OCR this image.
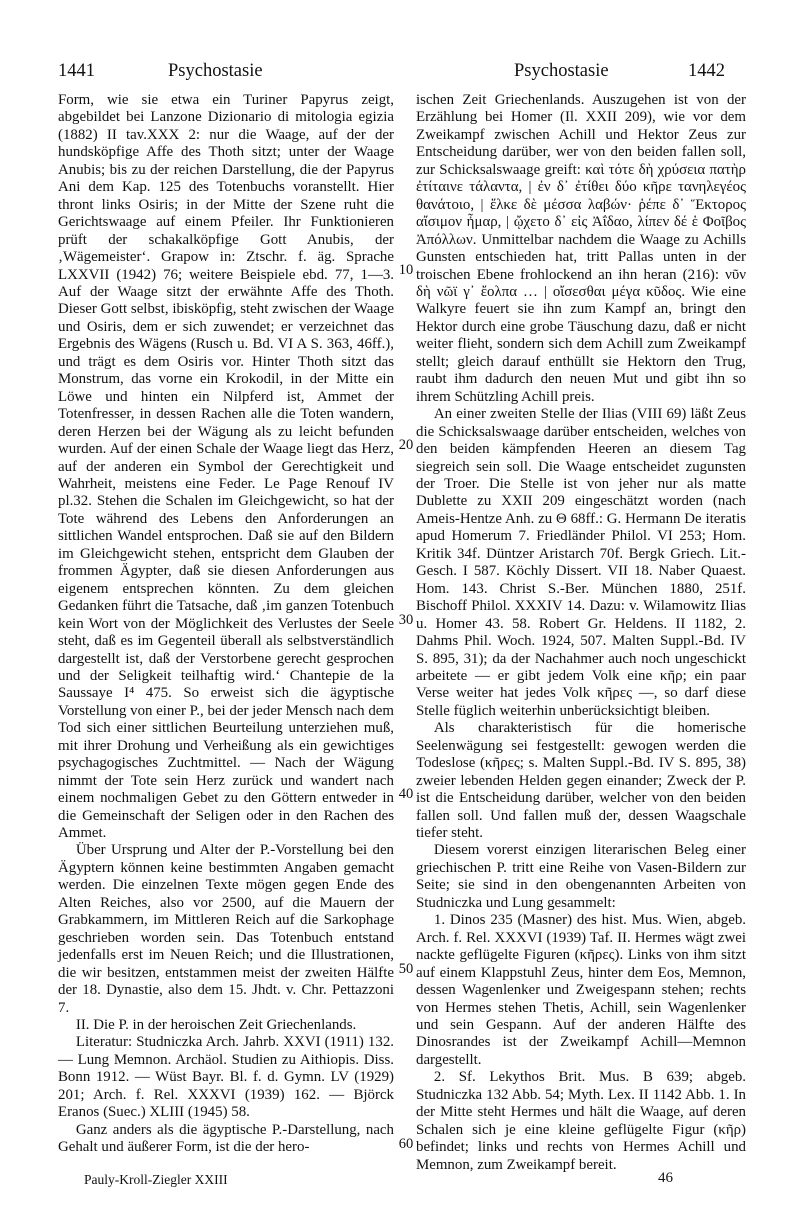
1441	Psychostasie	Psychostasie	1442

Form, wie sie etwa ein Turiner Papyrus zeigt, abgebildet bei Lanzone Dizionario di mitologia egizia (1882) II tav.XXX 2: nur die Waage, auf der der hundsköpfige Affe des Thoth sitzt; unter der Waage Anubis; bis zu der reichen Darstellung, die der Papyrus Ani dem Kap. 125 des Totenbuchs voranstellt. Hier thront links Osiris; in der Mitte der Szene ruht die Gerichtswaage auf einem Pfeiler. Ihr Funktionieren prüft der schakalköpfige Gott Anubis, der ‚Wägemeister‘. Grapow in: Ztschr. f. äg. Sprache LXXVII (1942) 76; weitere Beispiele ebd. 77, 1—3. Auf der Waage sitzt der erwähnte Affe des Thoth. Dieser Gott selbst, ibisköpfig, steht zwischen der Waage und Osiris, dem er sich zuwendet; er verzeichnet das Ergebnis des Wägens (Rusch u. Bd. VI A S. 363, 46ff.), und trägt es dem Osiris vor. Hinter Thoth sitzt das Monstrum, das vorne ein Krokodil, in der Mitte ein Löwe und hinten ein Nilpferd ist, Ammet der Totenfresser, in dessen Rachen alle die Toten wandern, deren Herzen bei der Wägung als zu leicht befunden wurden. Auf der einen Schale der Waage liegt das Herz, auf der anderen ein Symbol der Gerechtigkeit und Wahrheit, meistens eine Feder. Le Page Renouf IV pl.32. Stehen die Schalen im Gleichgewicht, so hat der Tote während des Lebens den Anforderungen an sittlichen Wandel entsprochen. Daß sie auf den Bildern im Gleichgewicht stehen, entspricht dem Glauben der frommen Ägypter, daß sie diesen Anforderungen aus eigenem entsprechen könnten. Zu dem gleichen Gedanken führt die Tatsache, daß ‚im ganzen Totenbuch kein Wort von der Möglichkeit des Verlustes der Seele steht, daß es im Gegenteil überall als selbstverständlich dargestellt ist, daß der Verstorbene gerecht gesprochen und der Seligkeit teilhaftig wird.‘ Chantepie de la Saussaye I⁴ 475. So erweist sich die ägyptische Vorstellung von einer P., bei der jeder Mensch nach dem Tod sich einer sittlichen Beurteilung unterziehen muß, mit ihrer Drohung und Verheißung als ein gewichtiges psychagogisches Zuchtmittel. — Nach der Wägung nimmt der Tote sein Herz zurück und wandert nach einem nochmaligen Gebet zu den Göttern entweder in die Gemeinschaft der Seligen oder in den Rachen des Ammet.

Über Ursprung und Alter der P.-Vorstellung bei den Ägyptern können keine bestimmten Angaben gemacht werden. Die einzelnen Texte mögen gegen Ende des Alten Reiches, also vor 2500, auf die Mauern der Grabkammern, im Mittleren Reich auf die Sarkophage geschrieben worden sein. Das Totenbuch entstand jedenfalls erst im Neuen Reich; und die Illustrationen, die wir besitzen, entstammen meist der zweiten Hälfte der 18. Dynastie, also dem 15. Jhdt. v. Chr. Pettazzoni 7.

II. Die P. in der heroischen Zeit Griechenlands.

Literatur: Studniczka Arch. Jahrb. XXVI (1911) 132. — Lung Memnon. Archäol. Studien zu Aithiopis. Diss. Bonn 1912. — Wüst Bayr. Bl. f. d. Gymn. LV (1929) 201; Arch. f. Rel. XXXVI (1939) 162. — Björck Eranos (Suec.) XLIII (1945) 58.

Ganz anders als die ägyptische P.-Darstellung, nach Gehalt und äußerer Form, ist die der hero-

ischen Zeit Griechenlands. Auszugehen ist von der Erzählung bei Homer (Il. XXII 209), wie vor dem Zweikampf zwischen Achill und Hektor Zeus zur Entscheidung darüber, wer von den beiden fallen soll, zur Schicksalswaage greift: καὶ τότε δὴ χρύσεια πατὴρ ἐτίταινε τάλαντα, | ἐν δ᾽ ἐτίθει δύο κῆρε τανηλεγέος θανάτοιο, | ἕλκε δὲ μέσσα λαβών· ῥέπε δ᾽ Ἕκτορος αἴσιμον ἦμαρ, | ᾤχετο δ᾽ εἰς Ἀΐδαο, λίπεν δέ ἑ Φοῖβος Ἀπόλλων. Unmittelbar nachdem die Waage zu Achills Gunsten entschieden hat, tritt Pallas unten in der troischen Ebene frohlockend an ihn heran (216): νῦν δὴ νῶϊ γ᾽ ἔολπα … | οἴσεσθαι μέγα κῦδος. Wie eine Walkyre feuert sie ihn zum Kampf an, bringt den Hektor durch eine grobe Täuschung dazu, daß er nicht weiter flieht, sondern sich dem Achill zum Zweikampf stellt; gleich darauf enthüllt sie Hektorn den Trug, raubt ihm dadurch den neuen Mut und gibt ihn so ihrem Schützling Achill preis.

An einer zweiten Stelle der Ilias (VIII 69) läßt Zeus die Schicksalswaage darüber entscheiden, welches von den beiden kämpfenden Heeren an diesem Tag siegreich sein soll. Die Waage entscheidet zugunsten der Troer. Die Stelle ist von jeher nur als matte Dublette zu XXII 209 eingeschätzt worden (nach Ameis-Hentze Anh. zu Θ 68ff.: G. Hermann De iteratis apud Homerum 7. Friedländer Philol. VI 253; Hom. Kritik 34f. Düntzer Aristarch 70f. Bergk Griech. Lit.-Gesch. I 587. Köchly Dissert. VII 18. Naber Quaest. Hom. 143. Christ S.-Ber. München 1880, 251f. Bischoff Philol. XXXIV 14. Dazu: v. Wilamowitz Ilias u. Homer 43. 58. Robert Gr. Heldens. II 1182, 2. Dahms Phil. Woch. 1924, 507. Malten Suppl.-Bd. IV S. 895, 31); da der Nachahmer auch noch ungeschickt arbeitete — er gibt jedem Volk eine κῆρ; ein paar Verse weiter hat jedes Volk κῆρες —, so darf diese Stelle füglich weiterhin unberücksichtigt bleiben.

Als charakteristisch für die homerische Seelenwägung sei festgestellt: gewogen werden die Todeslose (κῆρες; s. Malten Suppl.-Bd. IV S. 895, 38) zweier lebenden Helden gegen einander; Zweck der P. ist die Entscheidung darüber, welcher von den beiden fallen soll. Und fallen muß der, dessen Waagschale tiefer steht.

Diesem vorerst einzigen literarischen Beleg einer griechischen P. tritt eine Reihe von Vasen-Bildern zur Seite; sie sind in den obengenannten Arbeiten von Studniczka und Lung gesammelt:

1. Dinos 235 (Masner) des hist. Mus. Wien, abgeb. Arch. f. Rel. XXXVI (1939) Taf. II. Hermes wägt zwei nackte geflügelte Figuren (κῆρες). Links von ihm sitzt auf einem Klappstuhl Zeus, hinter dem Eos, Memnon, dessen Wagenlenker und Zweigespann stehen; rechts von Hermes stehen Thetis, Achill, sein Wagenlenker und sein Gespann. Auf der anderen Hälfte des Dinosrandes ist der Zweikampf Achill—Memnon dargestellt.

2. Sf. Lekythos Brit. Mus. B 639; abgeb. Studniczka 132 Abb. 54; Myth. Lex. II 1142 Abb. 1. In der Mitte steht Hermes und hält die Waage, auf deren Schalen sich je eine kleine geflügelte Figur (κῆρ) befindet; links und rechts von Hermes Achill und Memnon, zum Zweikampf bereit.

10
20
30
40
50
60
Pauly-Kroll-Ziegler XXIII	46
